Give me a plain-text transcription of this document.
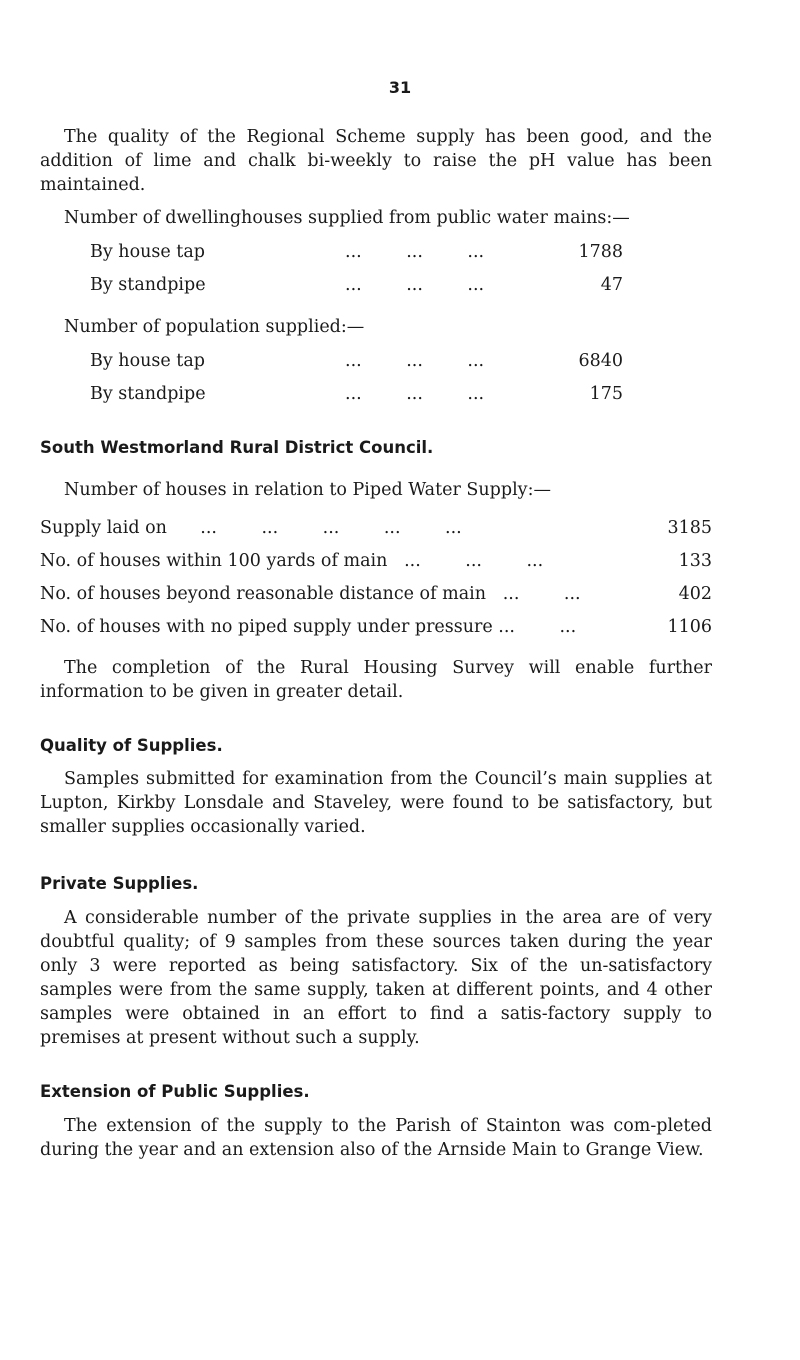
31

The quality of the Regional Scheme supply has been good, and the addition of lime and chalk bi-weekly to raise the pH value has been maintained.

Number of dwellinghouses supplied from public water mains:—
By house tap	...        ...        ...	1788
By standpipe	...        ...        ...	47
Number of population supplied:—
By house tap	...        ...        ...	6840
By standpipe	...        ...        ...	175
South Westmorland Rural District Council.
Number of houses in relation to Piped Water Supply:—
Supply laid on      ...        ...        ...        ...        ...	3185
No. of houses within 100 yards of main   ...        ...        ...	133
No. of houses beyond reasonable distance of main   ...        ...	402
No. of houses with no piped supply under pressure ...        ...	1106

The completion of the Rural Housing Survey will enable further information to be given in greater detail.

Quality of Supplies.

Samples submitted for examination from the Council’s main supplies at Lupton, Kirkby Lonsdale and Staveley, were found to be satisfactory, but smaller supplies occasionally varied.

Private Supplies.

A considerable number of the private supplies in the area are of very doubtful quality; of 9 samples from these sources taken during the year only 3 were reported as being satisfactory. Six of the un-satisfactory samples were from the same supply, taken at different points, and 4 other samples were obtained in an effort to find a satis-factory supply to premises at present without such a supply.

Extension of Public Supplies.

The extension of the supply to the Parish of Stainton was com-pleted during the year and an extension also of the Arnside Main to Grange View.
